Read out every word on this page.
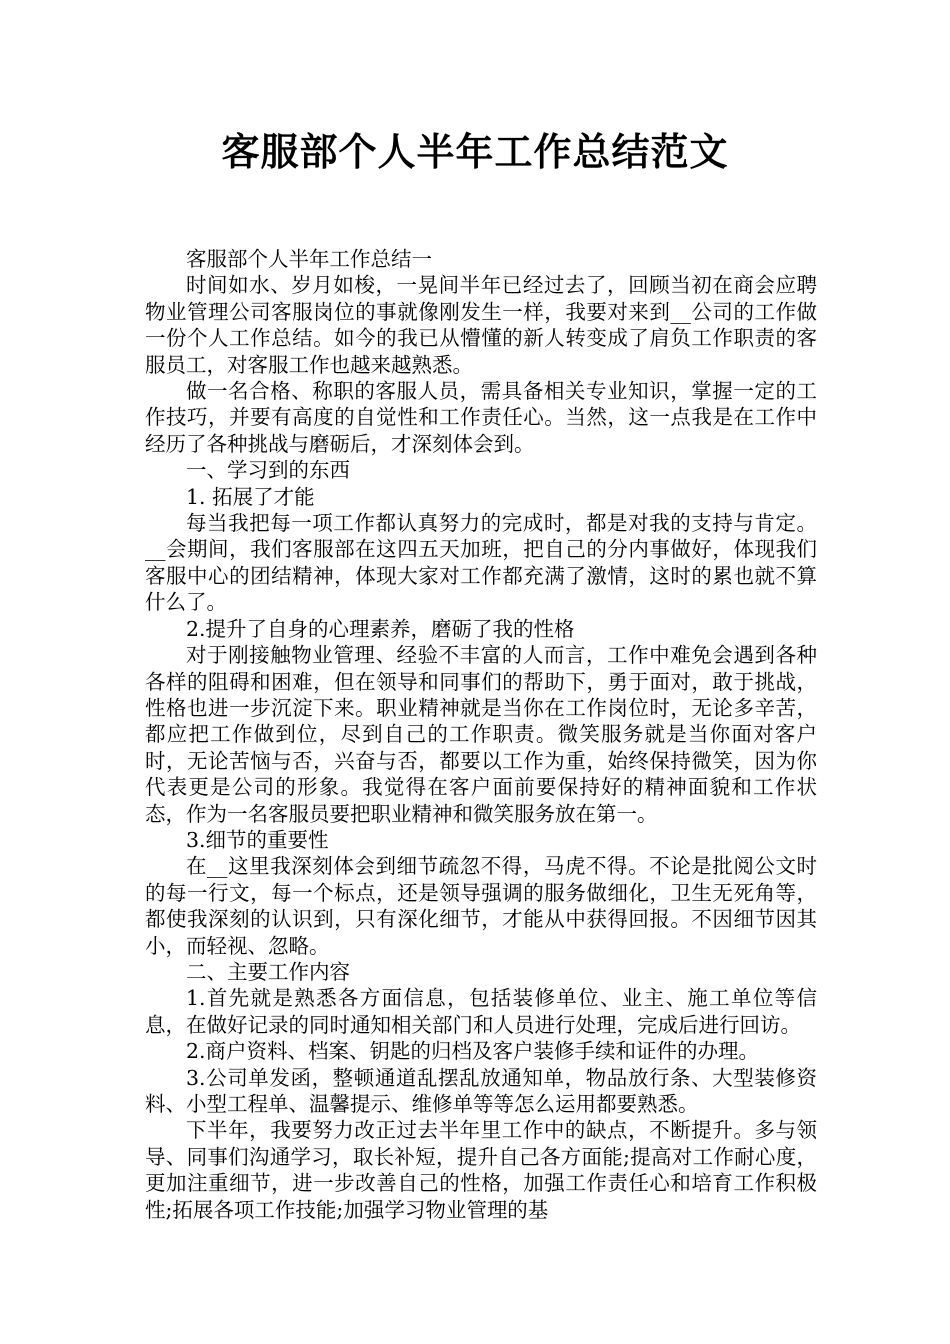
客服部个人半年工作总结范文

客服部个人半年工作总结一

时间如水、岁月如梭，一晃间半年已经过去了，回顾当初在商会应聘物业管理公司客服岗位的事就像刚发生一样，我要对来到__公司的工作做一份个人工作总结。如今的我已从懵懂的新人转变成了肩负工作职责的客服员工，对客服工作也越来越熟悉。

做一名合格、称职的客服人员，需具备相关专业知识，掌握一定的工作技巧，并要有高度的自觉性和工作责任心。当然，这一点我是在工作中经历了各种挑战与磨砺后，才深刻体会到。

一、学习到的东西

1. 拓展了才能

每当我把每一项工作都认真努力的完成时，都是对我的支持与肯定。__会期间，我们客服部在这四五天加班，把自己的分内事做好，体现我们客服中心的团结精神，体现大家对工作都充满了激情，这时的累也就不算什么了。

2.提升了自身的心理素养，磨砺了我的性格

对于刚接触物业管理、经验不丰富的人而言，工作中难免会遇到各种各样的阻碍和困难，但在领导和同事们的帮助下，勇于面对，敢于挑战，性格也进一步沉淀下来。职业精神就是当你在工作岗位时，无论多辛苦，都应把工作做到位，尽到自己的工作职责。微笑服务就是当你面对客户时，无论苦恼与否，兴奋与否，都要以工作为重，始终保持微笑，因为你代表更是公司的形象。我觉得在客户面前要保持好的精神面貌和工作状态，作为一名客服员要把职业精神和微笑服务放在第一。

3.细节的重要性

在__这里我深刻体会到细节疏忽不得，马虎不得。不论是批阅公文时的每一行文，每一个标点，还是领导强调的服务做细化，卫生无死角等，都使我深刻的认识到，只有深化细节，才能从中获得回报。不因细节因其小，而轻视、忽略。

二、主要工作内容

1.首先就是熟悉各方面信息，包括装修单位、业主、施工单位等信息，在做好记录的同时通知相关部门和人员进行处理，完成后进行回访。

2.商户资料、档案、钥匙的归档及客户装修手续和证件的办理。

3.公司单发函，整顿通道乱摆乱放通知单，物品放行条、大型装修资料、小型工程单、温馨提示、维修单等等怎么运用都要熟悉。

下半年，我要努力改正过去半年里工作中的缺点，不断提升。多与领导、同事们沟通学习，取长补短，提升自己各方面能;提高对工作耐心度，更加注重细节，进一步改善自己的性格，加强工作责任心和培育工作积极性;拓展各项工作技能;加强学习物业管理的基
